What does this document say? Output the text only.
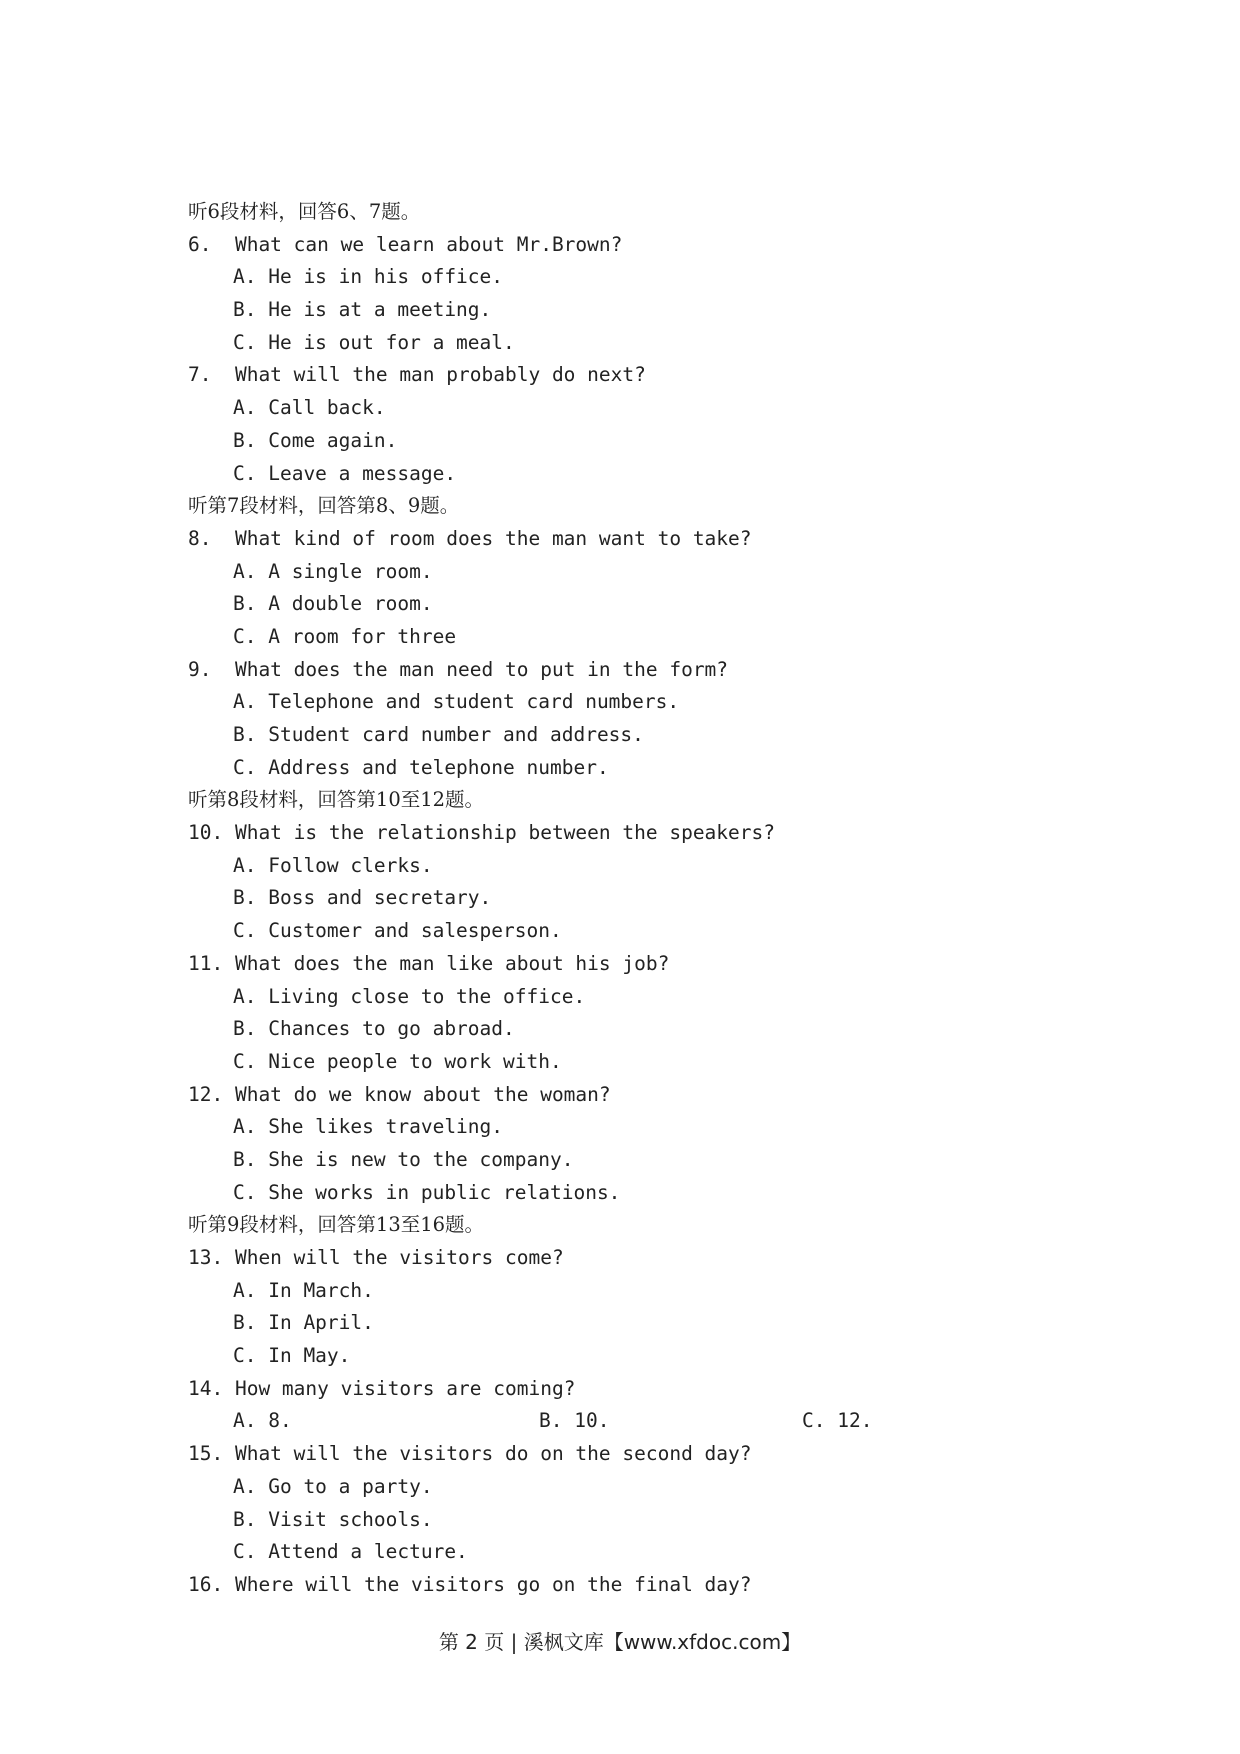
听6段材料，回答6、7题。
6.  What can we learn about Mr.Brown?
A. He is in his office.
B. He is at a meeting.
C. He is out for a meal.
7.  What will the man probably do next?
A. Call back.
B. Come again.
C. Leave a message.
听第7段材料，回答第8、9题。
8.  What kind of room does the man want to take?
A. A single room.
B. A double room.
C. A room for three
9.  What does the man need to put in the form?
A. Telephone and student card numbers.
B. Student card number and address.
C. Address and telephone number.
听第8段材料，回答第10至12题。
10. What is the relationship between the speakers?
A. Follow clerks.
B. Boss and secretary.
C. Customer and salesperson.
11. What does the man like about his job?
A. Living close to the office.
B. Chances to go abroad.
C. Nice people to work with.
12. What do we know about the woman?
A. She likes traveling.
B. She is new to the company.
C. She works in public relations.
听第9段材料，回答第13至16题。
13. When will the visitors come?
A. In March.
B. In April.
C. In May.
14. How many visitors are coming?

A. 8.

	B. 10.

	C. 12.

15. What will the visitors do on the second day?
A. Go to a party.
B. Visit schools.
C. Attend a lecture.
16. Where will the visitors go on the final day?
第 2 页 | 溪枫文库【www.xfdoc.com】
